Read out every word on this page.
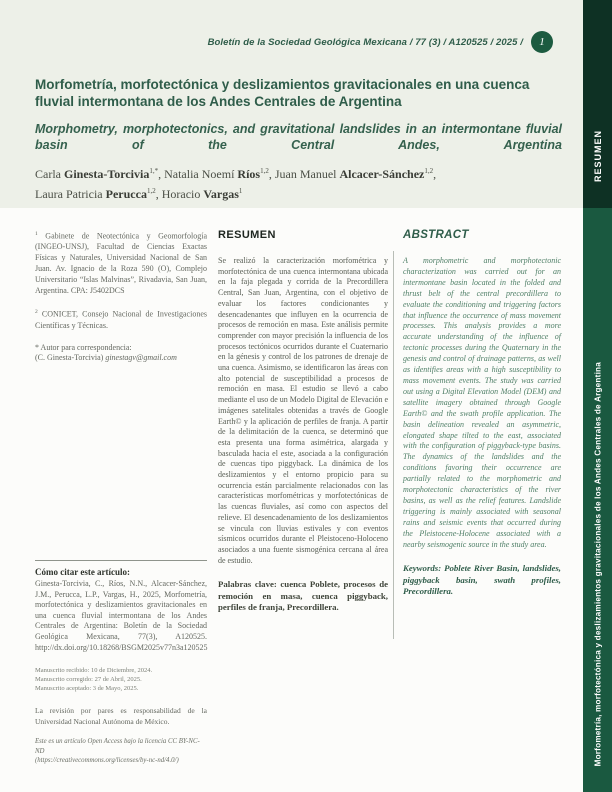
Boletín de la Sociedad Geológica Mexicana / 77 (3) / A120525 / 2025 /	1
Morfometría, morfotectónica y deslizamientos gravitacionales en una cuenca fluvial intermontana de los Andes Centrales de Argentina
Morphometry, morphotectonics, and gravitational landslides in an intermontane fluvial basin of the Central Andes, Argentina
Carla Ginesta-Torcivia$^{1,*}$, Natalia Noemí Ríos$^{1,2}$, Juan Manuel Alcacer-Sánchez$^{1,2}$,
Laura Patricia Perucca$^{1,2}$, Horacio Vargas$^1$
$^1$ Gabinete de Neotectónica y Geomorfología (INGEO-UNSJ), Facultad de Ciencias Exactas Físicas y Naturales, Universidad Nacional de San Juan. Av. Ignacio de la Roza 590 (O), Complejo Universitario “Islas Malvinas”, Rivadavia, San Juan, Argentina. CPA: J5402DCS
$^2$ CONICET, Consejo Nacional de Investigaciones Científicas y Técnicas.
* Autor para correspondencia:
(C. Ginesta-Torcivia) ginestagv@gmail.com
Cómo citar este artículo:
Ginesta-Torcivia, C., Ríos, N.N., Alcacer-Sánchez, J.M., Perucca, L.P., Vargas, H., 2025, Morfometría, morfotectónica y deslizamientos gravitacionales en una cuenca fluvial intermontana de los Andes Centrales de Argentina: Boletín de la Sociedad Geológica Mexicana, 77(3), A120525. http://dx.doi.org/10.18268/BSGM2025v77n3a120525
Manuscrito recibido: 10 de Diciembre, 2024.
Manuscrito corregido: 27 de Abril, 2025.
Manuscrito aceptado: 3 de Mayo, 2025.
La revisión por pares es responsabilidad de la Universidad Nacional Autónoma de México.
Este es un artículo Open Access bajo la licencia CC BY-NC-ND
(https://creativecommons.org/licenses/by-nc-nd/4.0/)
RESUMEN
Se realizó la caracterización morfométrica y morfotectónica de una cuenca intermontana ubicada en la faja plegada y corrida de la Precordillera Central, San Juan, Argentina, con el objetivo de evaluar los factores condicionantes y desencadenantes que influyen en la ocurrencia de procesos de remoción en masa. Este análisis permite comprender con mayor precisión la influencia de los procesos tectónicos ocurridos durante el Cuaternario en la génesis y control de los patrones de drenaje de una cuenca. Asimismo, se identificaron las áreas con alto potencial de susceptibilidad a procesos de remoción en masa. El estudio se llevó a cabo mediante el uso de un Modelo Digital de Elevación e imágenes satelitales obtenidas a través de Google Earth© y la aplicación de perfiles de franja. A partir de la delimitación de la cuenca, se determinó que esta presenta una forma asimétrica, alargada y basculada hacia el este, asociada a la configuración de cuencas tipo piggyback. La dinámica de los deslizamientos y el entorno propicio para su ocurrencia están parcialmente relacionados con las características morfométricas y morfotectónicas de las cuencas fluviales, así como con aspectos del relieve. El desencadenamiento de los deslizamientos se vincula con lluvias estivales y con eventos sísmicos ocurridos durante el Pleistoceno-Holoceno asociados a una fuente sismogénica cercana al área de estudio.
Palabras clave: cuenca Poblete, procesos de remoción en masa, cuenca piggyback, perfiles de franja, Precordillera.
ABSTRACT
A morphometric and morphotectonic characterization was carried out for an intermontane basin located in the folded and thrust belt of the central precordillera to evaluate the conditioning and triggering factors that influence the occurrence of mass movement processes. This analysis provides a more accurate understanding of the influence of tectonic processes during the Quaternary in the genesis and control of drainage patterns, as well as identifies areas with a high susceptibility to mass movement events. The study was carried out using a Digital Elevation Model (DEM) and satellite imagery obtained through Google Earth© and the swath profile application. The basin delineation revealed an asymmetric, elongated shape tilted to the east, associated with the configuration of piggyback-type basins. The dynamics of the landslides and the conditions favoring their occurrence are partially related to the morphometric and morphotectonic characteristics of the river basins, as well as the relief features. Landslide triggering is mainly associated with seasonal rains and seismic events that occurred during the Pleistocene-Holocene associated with a nearby seismogenic source in the study area.
Keywords: Poblete River Basin, landslides, piggyback basin, swath profiles, Precordillera.
RESUMEN
Morfometría, morfotectónica y deslizamientos gravitacionales de los Andes Centrales de Argentina
